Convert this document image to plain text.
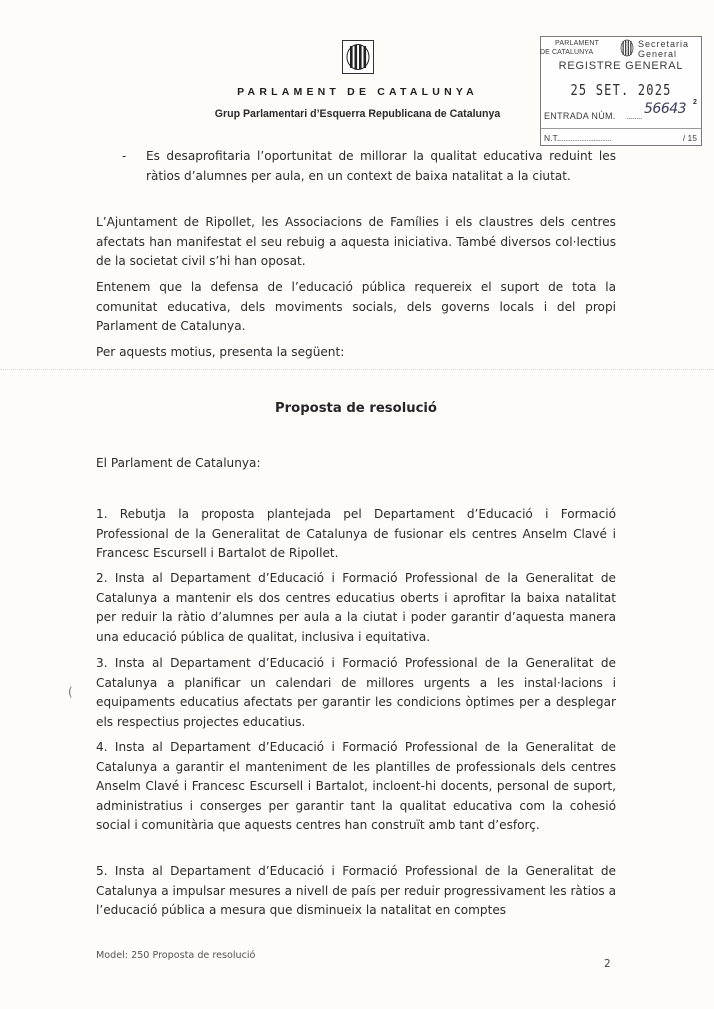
PARLAMENT DE CATALUNYA
Grup Parlamentari d’Esquerra Republicana de Catalunya
PARLAMENT
DE CATALUNYA
Secretaria
General
REGISTRE GENERAL
25 SET. 2025
ENTRADA NÚM. ........ 56643 2
N.T.
..............................	/ 15
- Es desaprofitaria l’oportunitat de millorar la qualitat educativa reduint les ràtios d’alumnes per aula, en un context de baixa natalitat a la ciutat.

L’Ajuntament de Ripollet, les Associacions de Famílies i els claustres dels centres afectats han manifestat el seu rebuig a aquesta iniciativa. També diversos col·lectius de la societat civil s’hi han oposat.

Entenem que la defensa de l’educació pública requereix el suport de tota la comunitat educativa, dels moviments socials, dels governs locals i del propi Parlament de Catalunya.

Per aquests motius, presenta la següent:

Proposta de resolució

El Parlament de Catalunya:

1. Rebutja la proposta plantejada pel Departament d’Educació i Formació Professional de la Generalitat de Catalunya de fusionar els centres Anselm Clavé i Francesc Escursell i Bartalot de Ripollet.

2. Insta al Departament d’Educació i Formació Professional de la Generalitat de Catalunya a mantenir els dos centres educatius oberts i aprofitar la baixa natalitat per reduir la ràtio d’alumnes per aula a la ciutat i poder garantir d’aquesta manera una educació pública de qualitat, inclusiva i equitativa.

3. Insta al Departament d’Educació i Formació Professional de la Generalitat de Catalunya a planificar un calendari de millores urgents a les instal·lacions i equipaments educatius afectats per garantir les condicions òptimes per a desplegar els respectius projectes educatius.

4. Insta al Departament d’Educació i Formació Professional de la Generalitat de Catalunya a garantir el manteniment de les plantilles de professionals dels centres Anselm Clavé i Francesc Escursell i Bartalot, incloent-hi docents, personal de suport, administratius i conserges per garantir tant la qualitat educativa com la cohesió social i comunitària que aquests centres han construït amb tant d’esforç.

5. Insta al Departament d’Educació i Formació Professional de la Generalitat de Catalunya a impulsar mesures a nivell de país per reduir progressivament les ràtios a l’educació pública a mesura que disminueix la natalitat en comptes

(
Model: 250 Proposta de resolució
2
